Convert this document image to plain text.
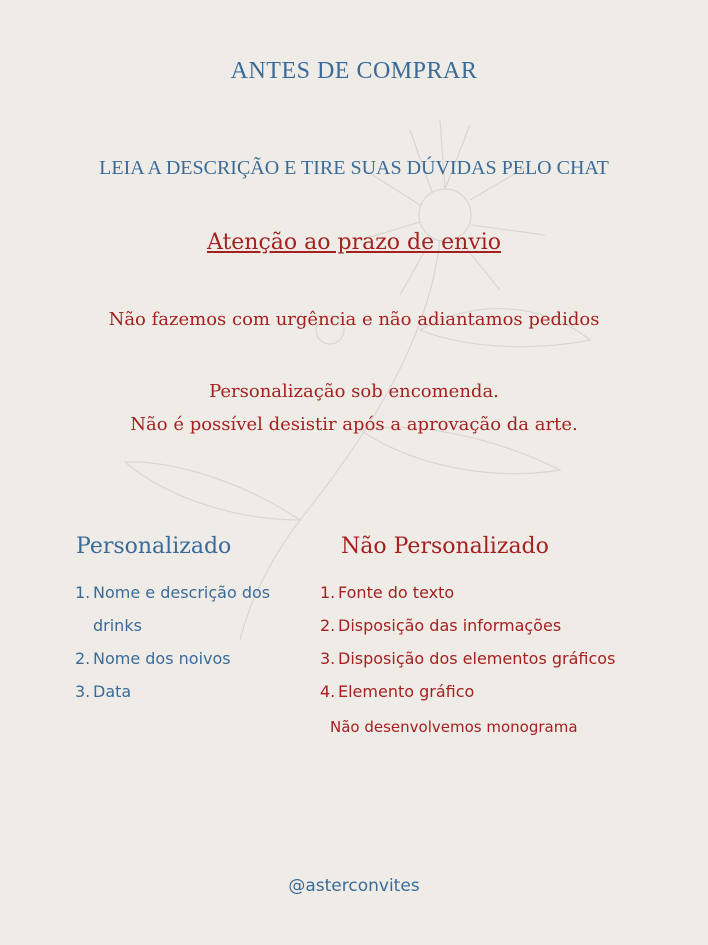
ANTES DE COMPRAR
LEIA A DESCRIÇÃO E TIRE SUAS DÚVIDAS PELO CHAT
Atenção ao prazo de envio
Não fazemos com urgência e não adiantamos pedidos
Personalização sob encomenda.
Não é possível desistir após a aprovação da arte.
Personalizado	Não Personalizado
1. Nome e descrição dos drinks
2. Nome dos noivos
3. Data
1. Fonte do texto
2. Disposição das informações
3. Disposição dos elementos gráficos
4. Elemento gráfico
Não desenvolvemos monograma
@asterconvites
